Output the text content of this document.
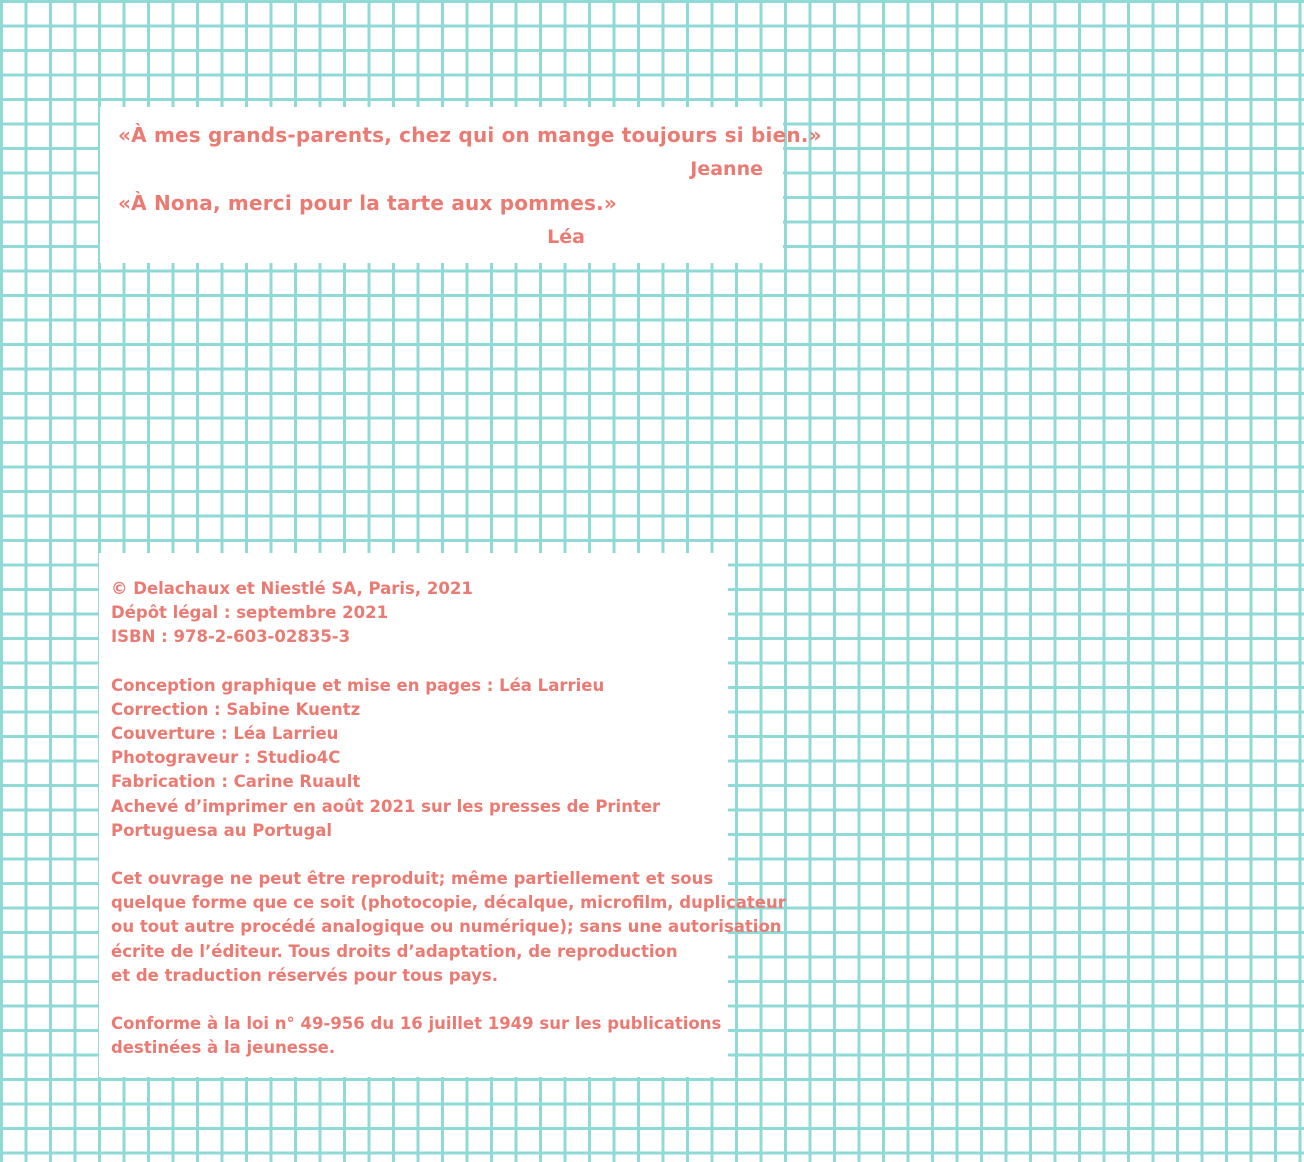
«À mes grands-parents, chez qui on mange toujours si bien.»
Jeanne
«À Nona, merci pour la tarte aux pommes.»
Léa
© Delachaux et Niestlé SA, Paris, 2021
Dépôt légal : septembre 2021
ISBN : 978-2-603-02835-3
Conception graphique et mise en pages : Léa Larrieu
Correction : Sabine Kuentz
Couverture : Léa Larrieu
Photograveur : Studio4C
Fabrication : Carine Ruault
Achevé d’imprimer en août 2021 sur les presses de Printer
Portuguesa au Portugal
Cet ouvrage ne peut être reproduit; même partiellement et sous
quelque forme que ce soit (photocopie, décalque, microfilm, duplicateur
ou tout autre procédé analogique ou numérique); sans une autorisation
écrite de l’éditeur. Tous droits d’adaptation, de reproduction
et de traduction réservés pour tous pays.
Conforme à la loi n° 49-956 du 16 juillet 1949 sur les publications
destinées à la jeunesse.
